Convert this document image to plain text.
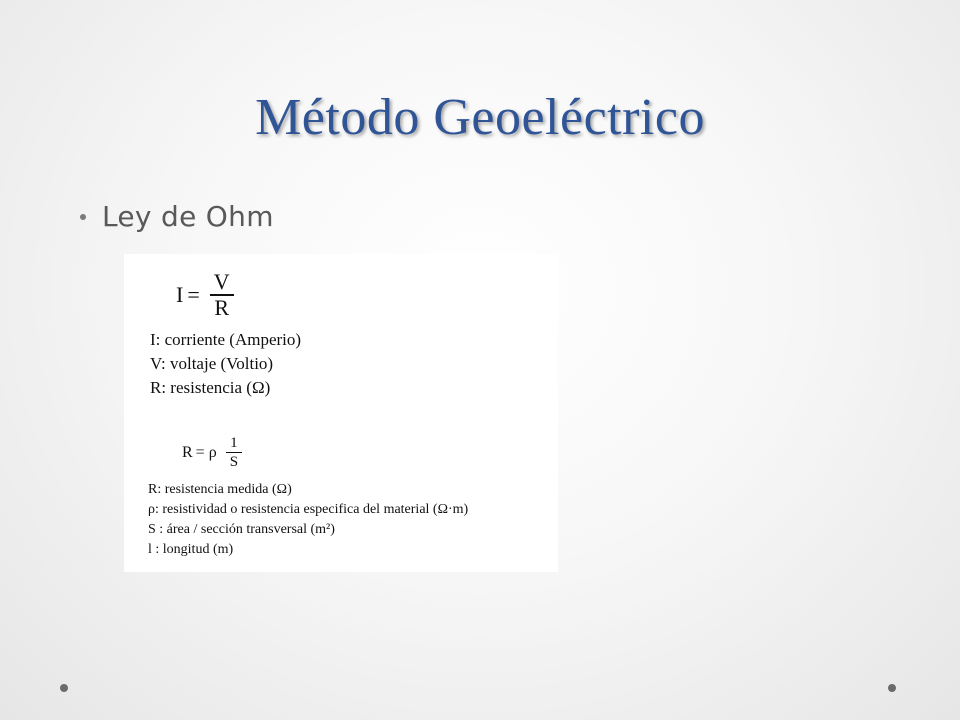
Método Geoeléctrico
Ley de Ohm
$I = \frac{V}{R}$
I: corriente (Amperio)
V: voltaje (Voltio)
R: resistencia (Ω)
R = ρ $\frac{1}{S}$
R: resistencia medida (Ω)
ρ: resistividad o resistencia especifica del material (Ω·m)
S : área / sección transversal (m²)
l : longitud (m)
